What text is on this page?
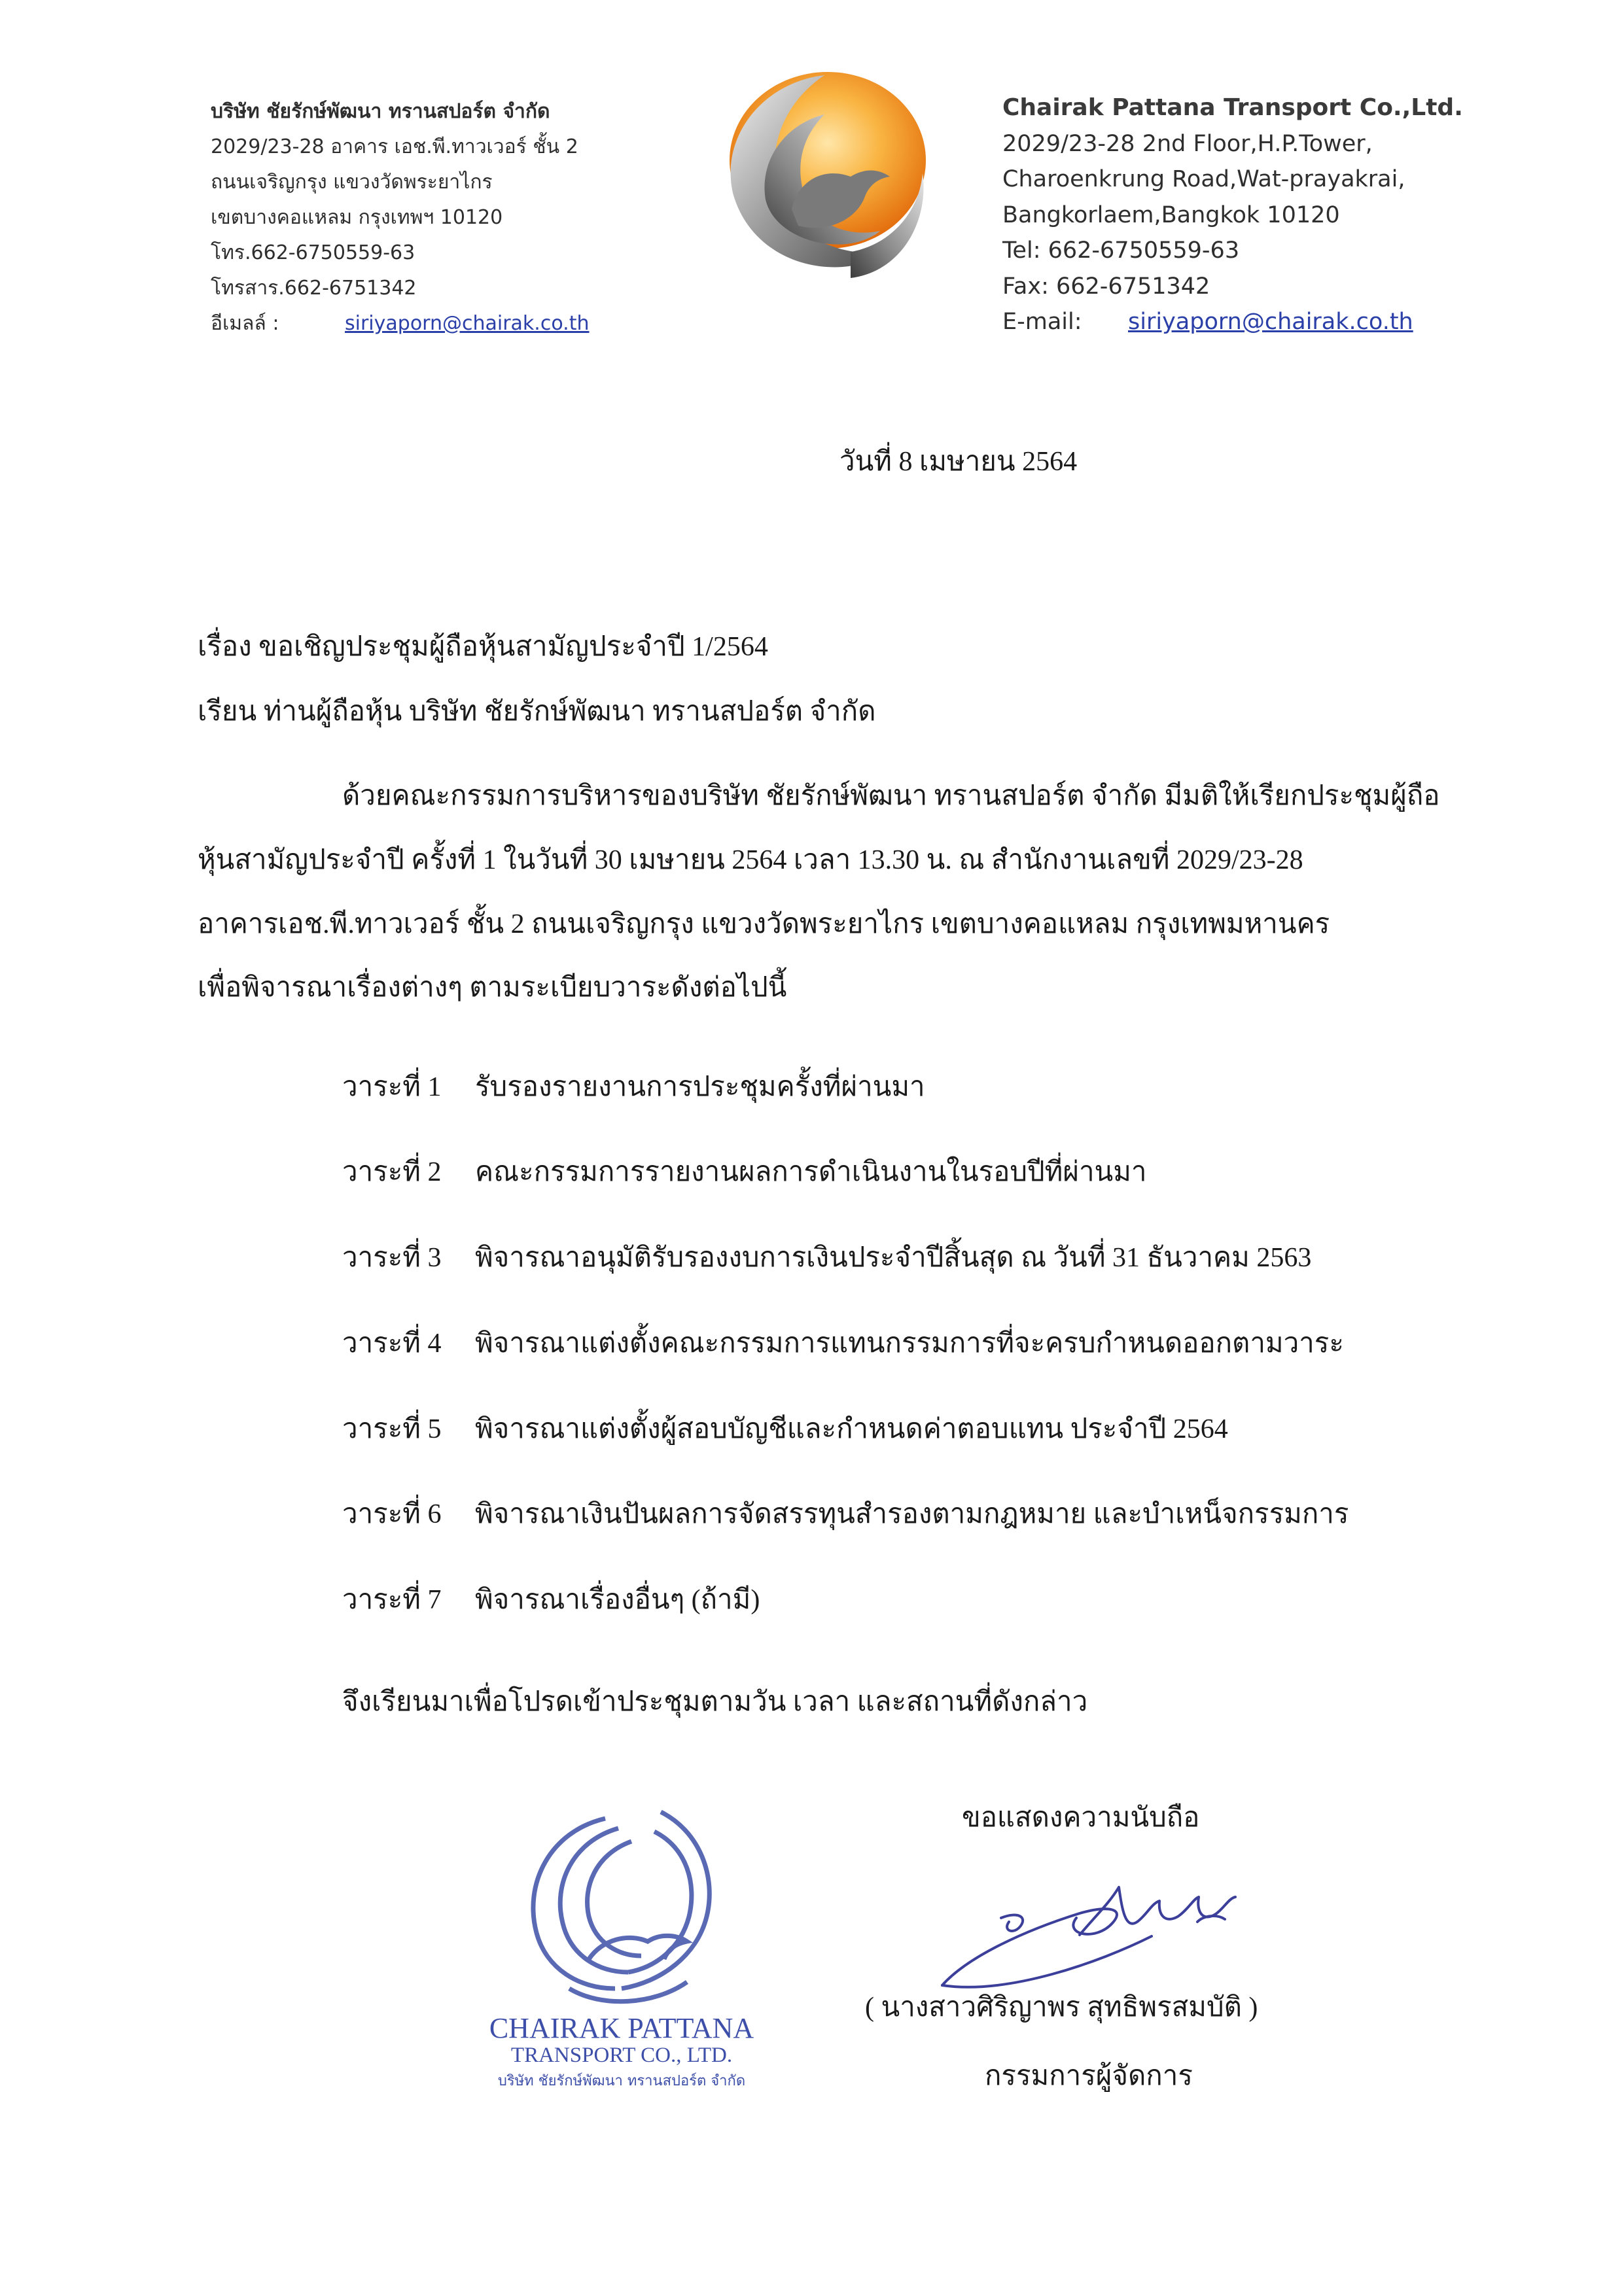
บริษัท ชัยรักษ์พัฒนา ทรานสปอร์ต จำกัด
2029/23-28 อาคาร เอช.พี.ทาวเวอร์ ชั้น 2
ถนนเจริญกรุง แขวงวัดพระยาไกร
เขตบางคอแหลม กรุงเทพฯ 10120
โทร.662-6750559-63
โทรสาร.662-6751342
อีเมลล์ :	siriyaporn@chairak.co.th
Chairak Pattana Transport Co.,Ltd.
2029/23-28 2nd Floor,H.P.Tower,
Charoenkrung Road,Wat-prayakrai,
Bangkorlaem,Bangkok 10120
Tel: 662-6750559-63
Fax: 662-6751342
E-mail: siriyaporn@chairak.co.th
วันที่ 8 เมษายน 2564
เรื่อง ขอเชิญประชุมผู้ถือหุ้นสามัญประจำปี 1/2564
เรียน ท่านผู้ถือหุ้น บริษัท ชัยรักษ์พัฒนา ทรานสปอร์ต จำกัด
ด้วยคณะกรรมการบริหารของบริษัท ชัยรักษ์พัฒนา ทรานสปอร์ต จำกัด มีมติให้เรียกประชุมผู้ถือ
หุ้นสามัญประจำปี ครั้งที่ 1 ในวันที่ 30 เมษายน 2564 เวลา 13.30 น. ณ สำนักงานเลขที่ 2029/23-28
อาคารเอช.พี.ทาวเวอร์ ชั้น 2 ถนนเจริญกรุง แขวงวัดพระยาไกร เขตบางคอแหลม กรุงเทพมหานคร
เพื่อพิจารณาเรื่องต่างๆ ตามระเบียบวาระดังต่อไปนี้
วาระที่ 1 รับรองรายงานการประชุมครั้งที่ผ่านมา
วาระที่ 2 คณะกรรมการรายงานผลการดำเนินงานในรอบปีที่ผ่านมา
วาระที่ 3 พิจารณาอนุมัติรับรองงบการเงินประจำปีสิ้นสุด ณ วันที่ 31 ธันวาคม 2563
วาระที่ 4 พิจารณาแต่งตั้งคณะกรรมการแทนกรรมการที่จะครบกำหนดออกตามวาระ
วาระที่ 5 พิจารณาแต่งตั้งผู้สอบบัญชีและกำหนดค่าตอบแทน ประจำปี 2564
วาระที่ 6 พิจารณาเงินปันผลการจัดสรรทุนสำรองตามกฎหมาย และบำเหน็จกรรมการ
วาระที่ 7 พิจารณาเรื่องอื่นๆ (ถ้ามี)
จึงเรียนมาเพื่อโปรดเข้าประชุมตามวัน เวลา และสถานที่ดังกล่าว
ขอแสดงความนับถือ
CHAIRAK PATTANA
TRANSPORT CO., LTD.
บริษัท ชัยรักษ์พัฒนา ทรานสปอร์ต จำกัด
( นางสาวศิริญาพร สุทธิพรสมบัติ )
กรรมการผู้จัดการ
